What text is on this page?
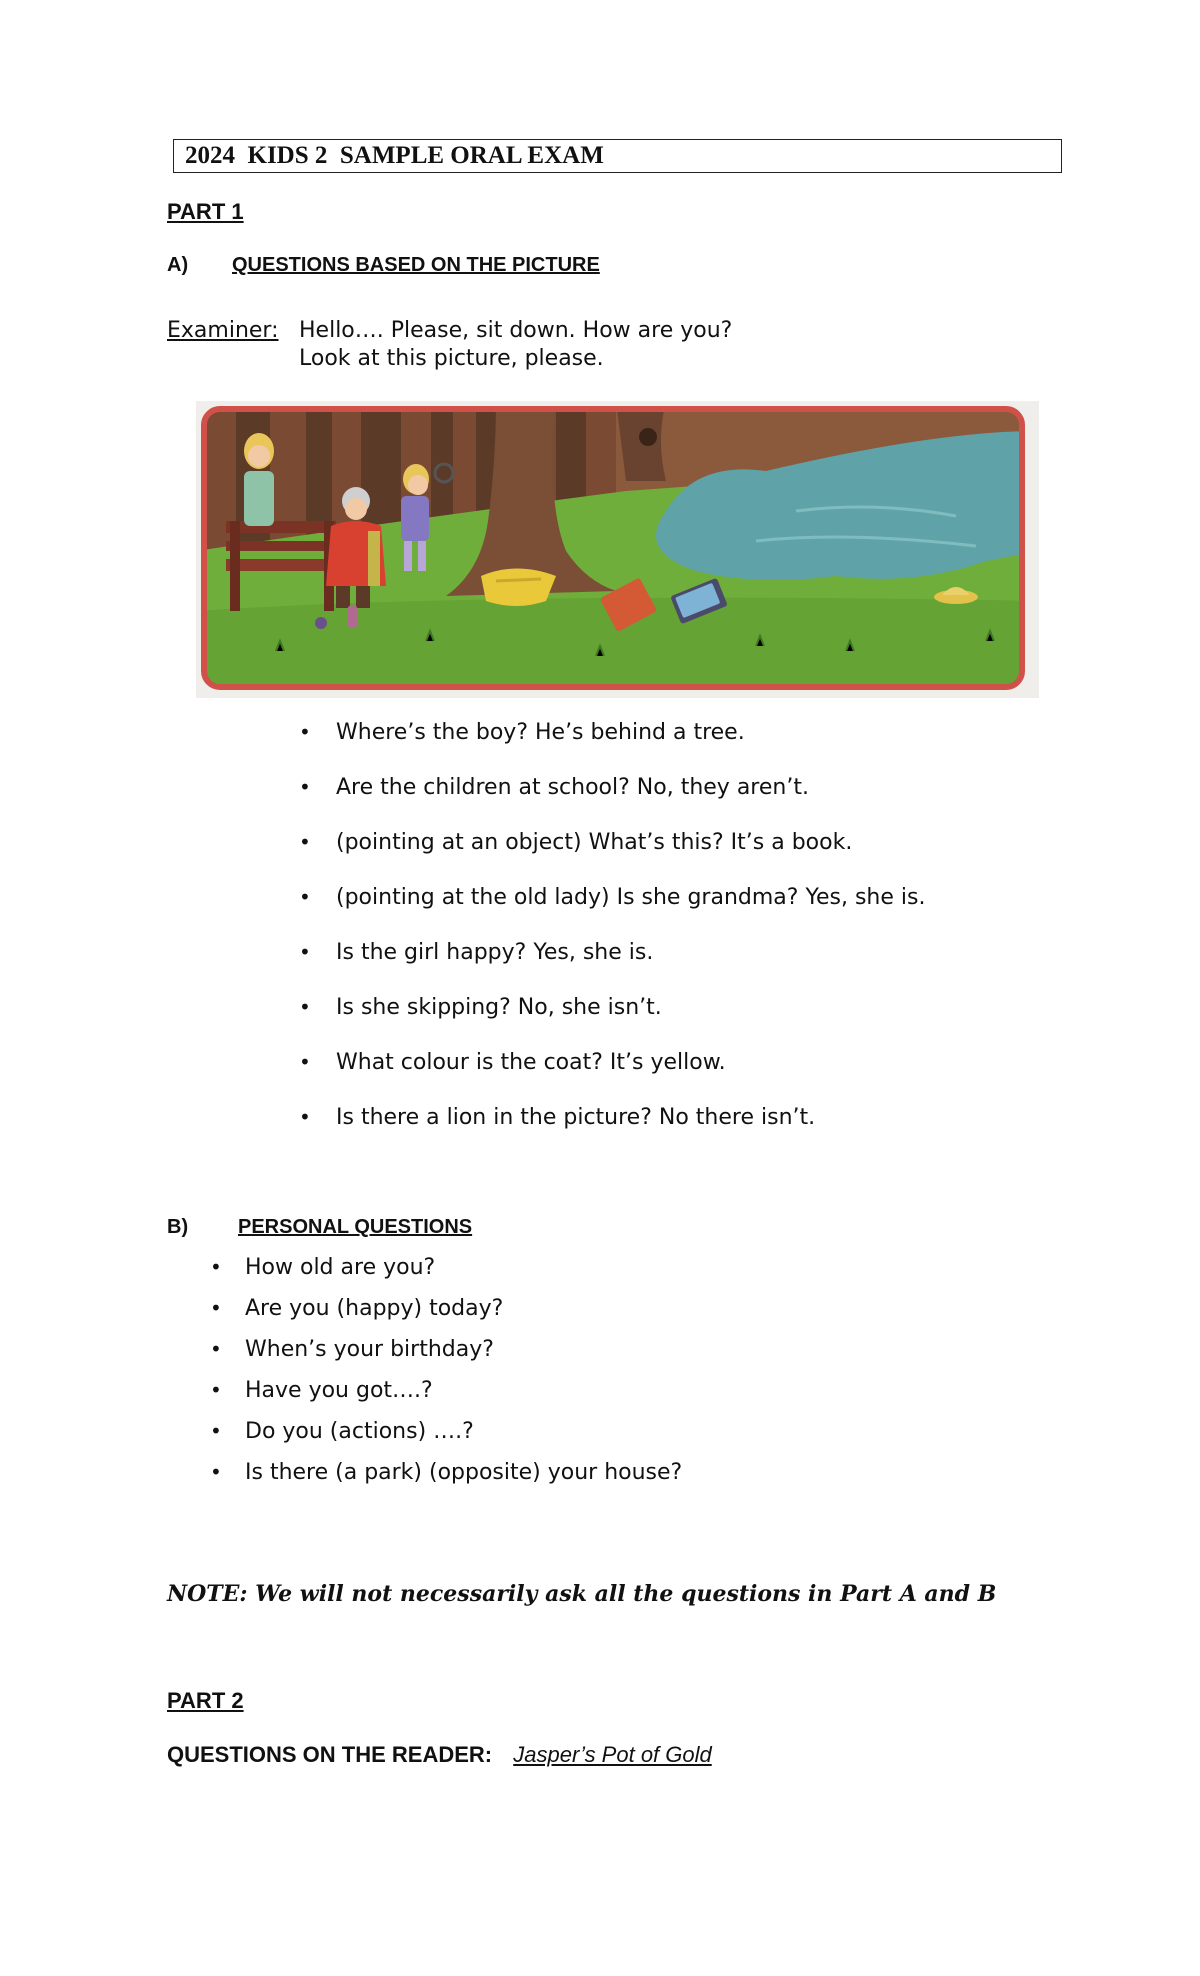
2024  KIDS 2  SAMPLE ORAL EXAM
PART 1
A) QUESTIONS BASED ON THE PICTURE
Examiner: Hello…. Please, sit down. How are you?
Look at this picture, please.
• Where’s the boy? He’s behind a tree.
• Are the children at school? No, they aren’t.
• (pointing at an object) What’s this? It’s a book.
• (pointing at the old lady) Is she grandma? Yes, she is.
• Is the girl happy? Yes, she is.
• Is she skipping? No, she isn’t.
• What colour is the coat? It’s yellow.
• Is there a lion in the picture? No there isn’t.
B) PERSONAL QUESTIONS
• How old are you?
• Are you (happy) today?
• When’s your birthday?
• Have you got….?
• Do you (actions) ….?
• Is there (a park) (opposite) your house?
NOTE: We will not necessarily ask all the questions in Part A and B
PART 2
QUESTIONS ON THE READER: Jasper’s Pot of Gold
